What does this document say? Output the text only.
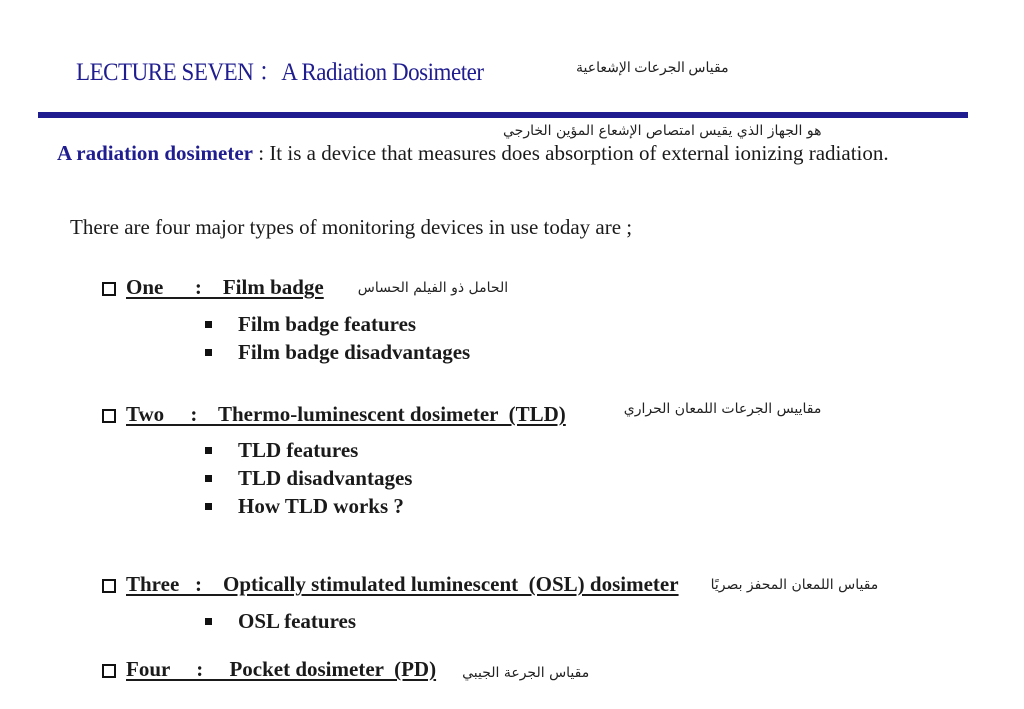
LECTURE SEVEN ：A Radiation Dosimeter	مقياس الجرعات الإشعاعية
هو الجهاز الذي يقيس امتصاص الإشعاع المؤين الخارجي
A radiation dosimeter : It is a device that measures does absorption of external ionizing radiation.
There are four major types of monitoring devices in use today are ;
One      :    Film badge الحامل ذو الفيلم الحساس
Film badge features
Film badge disadvantages
Two     :    Thermo-luminescent dosimeter  (TLD)	مقاييس الجرعات اللمعان الحراري
TLD features
TLD disadvantages
How TLD works ?
Three   :    Optically stimulated luminescent  (OSL) dosimeter مقياس اللمعان المحفز بصريًا
OSL features
Four     :     Pocket dosimeter  (PD) مقياس الجرعة الجيبي
